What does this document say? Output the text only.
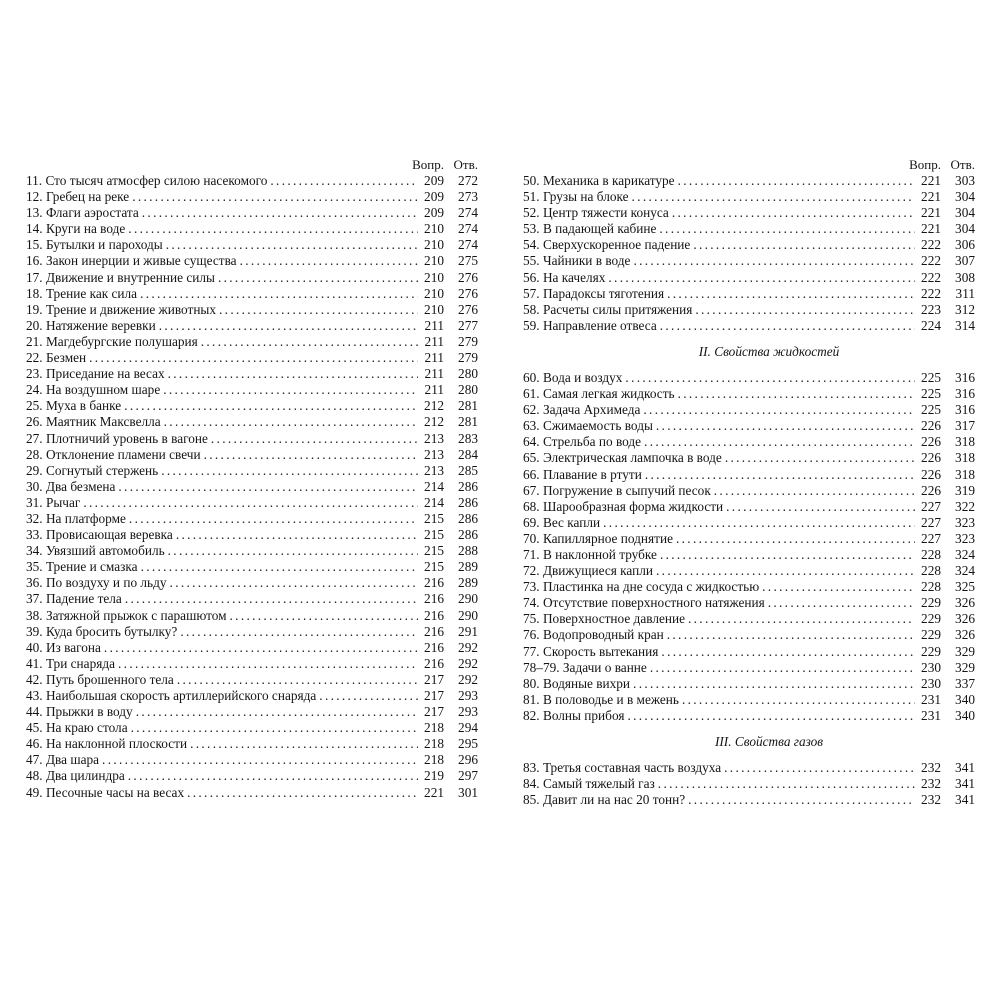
Вопр. Отв.
11. Сто тысяч атмосфер силою насекомого . . .	209	272
12. Гребец на реке . . .	209	273
13. Флаги аэростата . . .	209	274
14. Круги на воде . . .	210	274
15. Бутылки и пароходы . . .	210	274
16. Закон инерции и живые существа . . .	210	275
17. Движение и внутренние силы . . .	210	276
18. Трение как сила . . .	210	276
19. Трение и движение животных . . .	210	276
20. Натяжение веревки . . .	211	277
21. Магдебургские полушария . . .	211	279
22. Безмен . . .	211	279
23. Приседание на весах . . .	211	280
24. На воздушном шаре . . .	211	280
25. Муха в банке . . .	212	281
26. Маятник Максвелла . . .	212	281
27. Плотничий уровень в вагоне . . .	213	283
28. Отклонение пламени свечи . . .	213	284
29. Согнутый стержень . . .	213	285
30. Два безмена . . .	214	286
31. Рычаг . . .	214	286
32. На платформе . . .	215	286
33. Провисающая веревка . . .	215	286
34. Увязший автомобиль . . .	215	288
35. Трение и смазка . . .	215	289
36. По воздуху и по льду . . .	216	289
37. Падение тела . . .	216	290
38. Затяжной прыжок с парашютом . . .	216	290
39. Куда бросить бутылку? . . .	216	291
40. Из вагона . . .	216	292
41. Три снаряда . . .	216	292
42. Путь брошенного тела . . .	217	292
43. Наибольшая скорость артиллерийского снаряда . . .	217	293
44. Прыжки в воду . . .	217	293
45. На краю стола . . .	218	294
46. На наклонной плоскости . . .	218	295
47. Два шара . . .	218	296
48. Два цилиндра . . .	219	297
49. Песочные часы на весах . . .	221	301
Вопр. Отв.
50. Механика в карикатуре . . .	221	303
51. Грузы на блоке . . .	221	304
52. Центр тяжести конуса . . .	221	304
53. В падающей кабине . . .	221	304
54. Сверхускоренное падение . . .	222	306
55. Чайники в воде . . .	222	307
56. На качелях . . .	222	308
57. Парадоксы тяготения . . .	222	311
58. Расчеты силы притяжения . . .	223	312
59. Направление отвеса . . .	224	314
II. Свойства жидкостей
60. Вода и воздух . . .	225	316
61. Самая легкая жидкость . . .	225	316
62. Задача Архимеда . . .	225	316
63. Сжимаемость воды . . .	226	317
64. Стрельба по воде . . .	226	318
65. Электрическая лампочка в воде . . .	226	318
66. Плавание в ртути . . .	226	318
67. Погружение в сыпучий песок . . .	226	319
68. Шарообразная форма жидкости . . .	227	322
69. Вес капли . . .	227	323
70. Капиллярное поднятие . . .	227	323
71. В наклонной трубке . . .	228	324
72. Движущиеся капли . . .	228	324
73. Пластинка на дне сосуда с жидкостью . . .	228	325
74. Отсутствие поверхностного натяжения . . .	229	326
75. Поверхностное давление . . .	229	326
76. Водопроводный кран . . .	229	326
77. Скорость вытекания . . .	229	329
78–79. Задачи о ванне . . .	230	329
80. Водяные вихри . . .	230	337
81. В половодье и в межень . . .	231	340
82. Волны прибоя . . .	231	340
III. Свойства газов
83. Третья составная часть воздуха . . .	232	341
84. Самый тяжелый газ . . .	232	341
85. Давит ли на нас 20 тонн? . . .	232	341
